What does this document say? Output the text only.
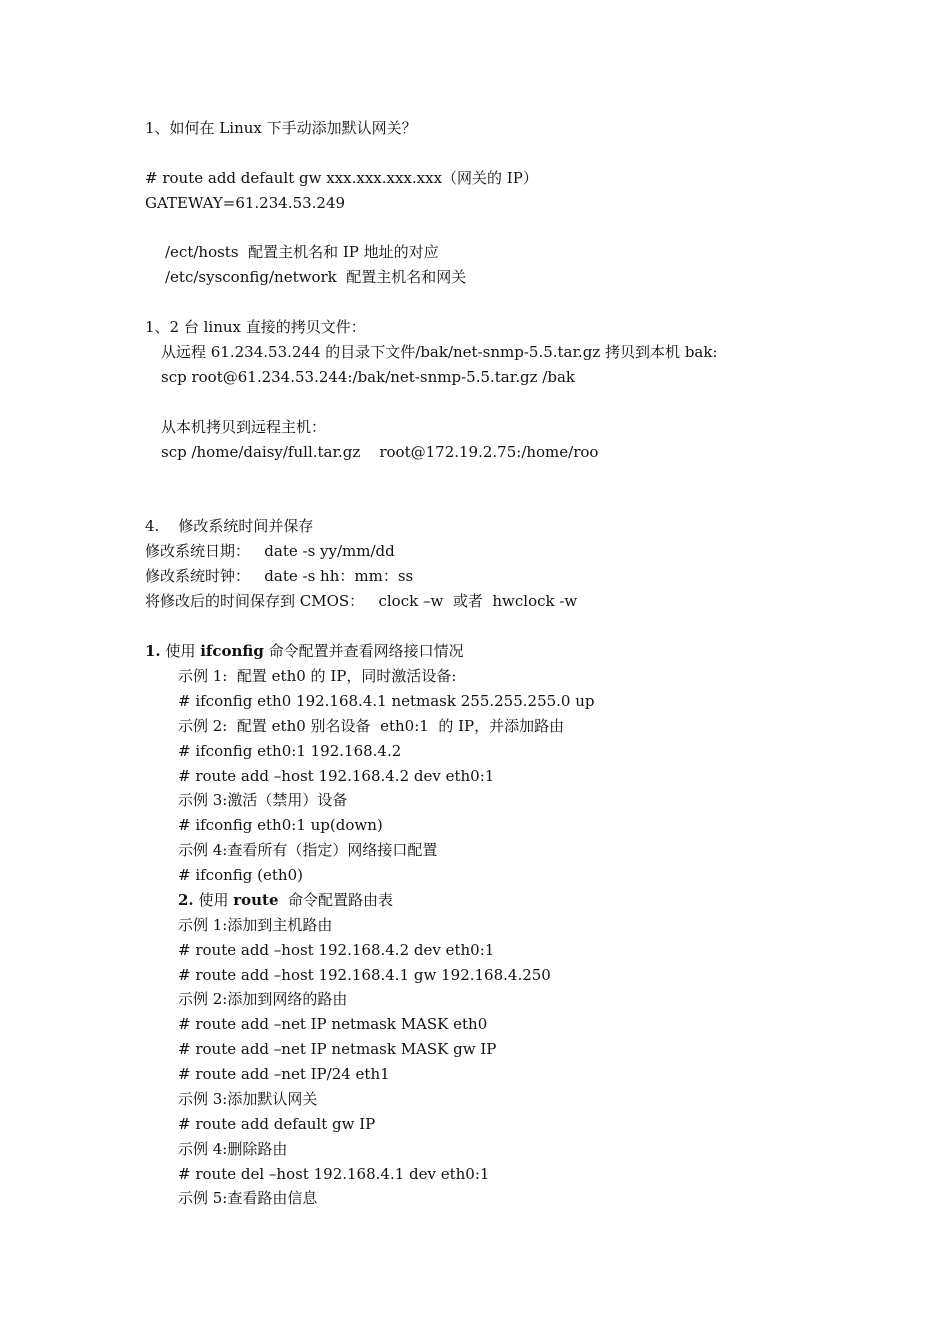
1、如何在 Linux 下手动添加默认网关？
# route add default gw xxx.xxx.xxx.xxx（网关的 IP）
GATEWAY=61.234.53.249
/ect/hosts  配置主机名和 IP 地址的对应
/etc/sysconfig/network  配置主机名和网关
1、2 台 linux 直接的拷贝文件：
从远程 61.234.53.244 的目录下文件/bak/net-snmp-5.5.tar.gz 拷贝到本机 bak:
scp root@61.234.53.244:/bak/net-snmp-5.5.tar.gz /bak
从本机拷贝到远程主机：
scp /home/daisy/full.tar.gz    root@172.19.2.75:/home/roo
4.    修改系统时间并保存
修改系统日期：   date -s yy/mm/dd
修改系统时钟：   date -s hh：mm：ss
将修改后的时间保存到 CMOS：   clock –w  或者  hwclock -w
1. 使用 ifconfig 命令配置并查看网络接口情况
示例 1:  配置 eth0 的 IP，同时激活设备:
# ifconfig eth0 192.168.4.1 netmask 255.255.255.0 up
示例 2:  配置 eth0 别名设备  eth0:1  的 IP，并添加路由
# ifconfig eth0:1 192.168.4.2
# route add –host 192.168.4.2 dev eth0:1
示例 3:激活（禁用）设备
# ifconfig eth0:1 up(down)
示例 4:查看所有（指定）网络接口配置
# ifconfig (eth0)
2. 使用 route  命令配置路由表
示例 1:添加到主机路由
# route add –host 192.168.4.2 dev eth0:1
# route add –host 192.168.4.1 gw 192.168.4.250
示例 2:添加到网络的路由
# route add –net IP netmask MASK eth0
# route add –net IP netmask MASK gw IP
# route add –net IP/24 eth1
示例 3:添加默认网关
# route add default gw IP
示例 4:删除路由
# route del –host 192.168.4.1 dev eth0:1
示例 5:查看路由信息
